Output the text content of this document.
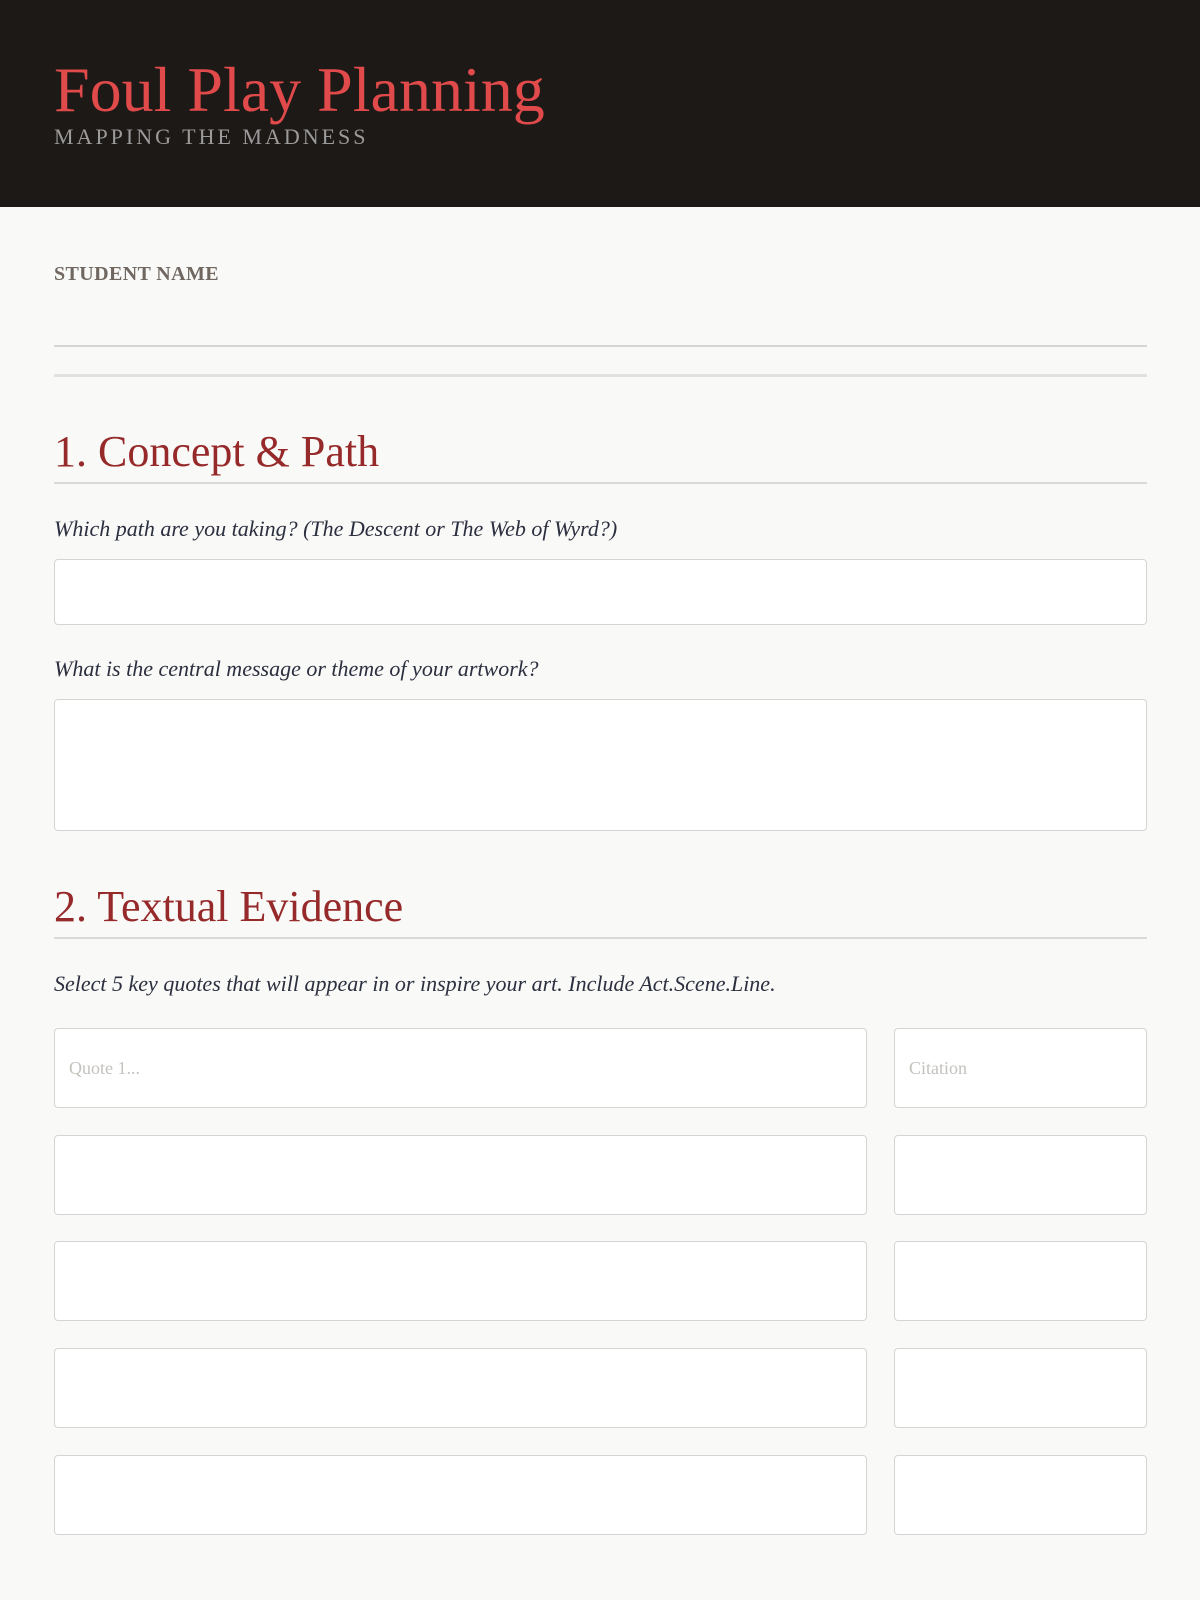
Foul Play Planning
MAPPING THE MADNESS
STUDENT NAME
1. Concept & Path
Which path are you taking? (The Descent or The Web of Wyrd?)
What is the central message or theme of your artwork?
2. Textual Evidence
Select 5 key quotes that will appear in or inspire your art. Include Act.Scene.Line.
Quote 1...
Citation
